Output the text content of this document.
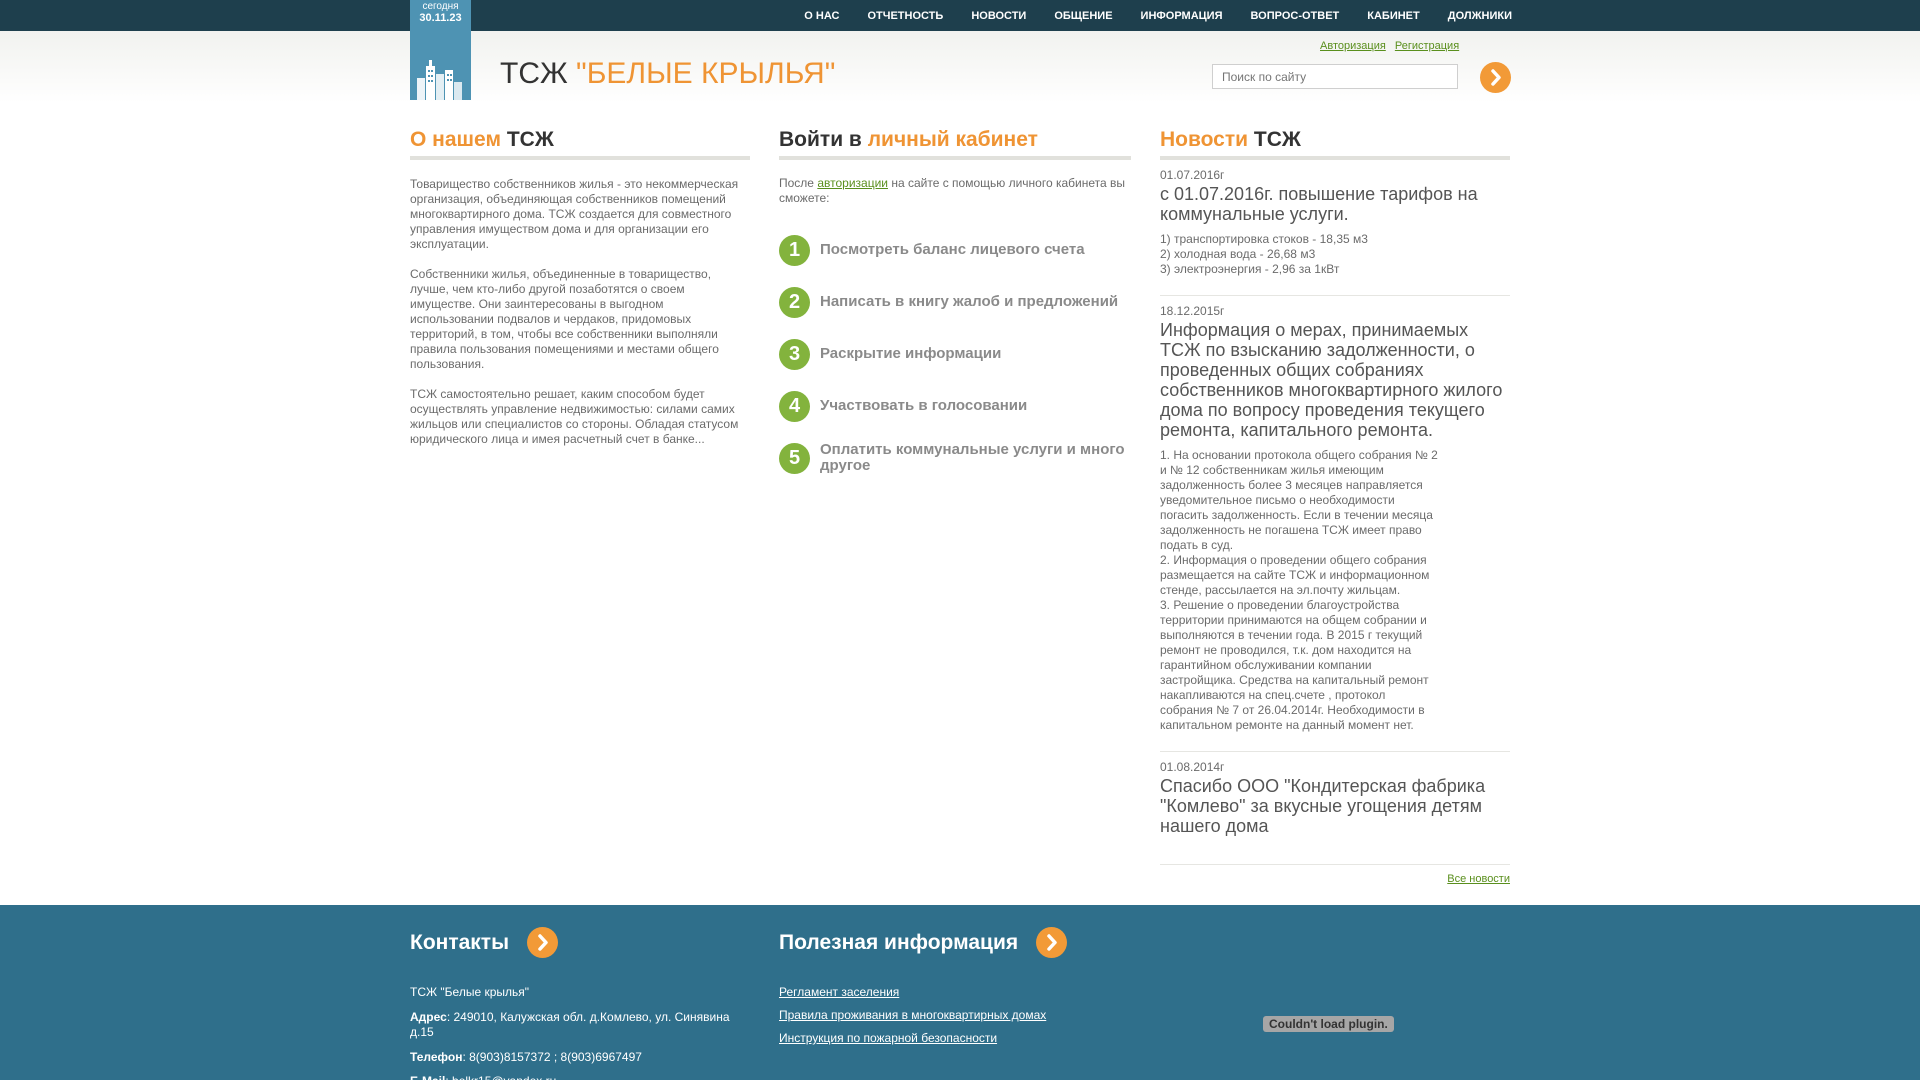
О НАС	ОТЧЕТНОСТЬ	НОВОСТИ	ОБЩЕНИЕ	ИНФОРМАЦИЯ	ВОПРОС-ОТВЕТ	КАБИНЕТ	ДОЛЖНИКИ
сегодня
30.11.23
ТСЖ "БЕЛЫЕ КРЫЛЬЯ"
Авторизация Регистрация
Поиск по сайту
О нашем ТСЖ

Товарищество собственников жилья - это некоммерческая организация, объединяющая собственников помещений многоквартирного дома. ТСЖ создается для совместного управления имуществом дома и для организации его эксплуатации.

Собственники жилья, объединенные в товарищество, лучше, чем кто-либо другой позаботятся о своем имуществе. Они заинтересованы в выгодном использовании подвалов и чердаков, придомовых территорий, в том, чтобы все собственники выполняли правила пользования помещениями и местами общего пользования.

ТСЖ самостоятельно решает, каким способом будет осуществлять управление недвижимостью: силами самих жильцов или специалистов со стороны. Обладая статусом юридического лица и имея расчетный счет в банке...

Войти в личный кабинет

После авторизации на сайте с помощью личного кабинета вы сможете:

1	Посмотреть баланс лицевого счета
2	Написать в книгу жалоб и предложений
3	Раскрытие информации
4	Участвовать в голосовании
5	Оплатить коммунальные услуги и много другое
Новости ТСЖ
01.07.2016г
с 01.07.2016г. повышение тарифов на коммунальные услуги.
1) транспортировка стоков - 18,35 м3
2) холодная вода - 26,68 м3
3) электроэнергия - 2,96 за 1кВт
18.12.2015г
Информация о мерах, принимаемых ТСЖ по взысканию задолженности, о проведенных общих собраниях собственников многоквартирного жилого дома по вопросу проведения текущего ремонта, капитального ремонта.
1. На основании протокола общего собрания № 2 и № 12 собственникам жилья имеющим задолженность более 3 месяцев направляется уведомительное письмо о необходимости погасить задолженность. Если в течении месяца задолженность не погашена ТСЖ имеет право подать в суд.
2. Информация о проведении общего собрания размещается на сайте ТСЖ и информационном стенде, рассылается на эл.почту жильцам.
3. Решение о проведении благоустройства территории принимаются на общем собрании и выполняются в течении года. В 2015 г текущий ремонт не проводился, т.к. дом находится на гарантийном обслуживании компании застройщика. Средства на капитальный ремонт накапливаются на спец.счете , протокол собрания № 7 от 26.04.2014г. Необходимости в капитальном ремонте на данный момент нет.
01.08.2014г
Спасибо ООО "Кондитерская фабрика "Комлево" за вкусные угощения детям нашего дома
Все новости
Контакты
ТСЖ "Белые крылья"
Адрес: 249010, Калужская обл. д.Комлево, ул. Синявина д.15
Телефон: 8(903)8157372 ; 8(903)6967497
E-Mail: belkr15@yandex.ru
Полезная информация
Регламент заселения
Правила проживания в многоквартирных домах
Инструкция по пожарной безопасности
Couldn't load plugin.
